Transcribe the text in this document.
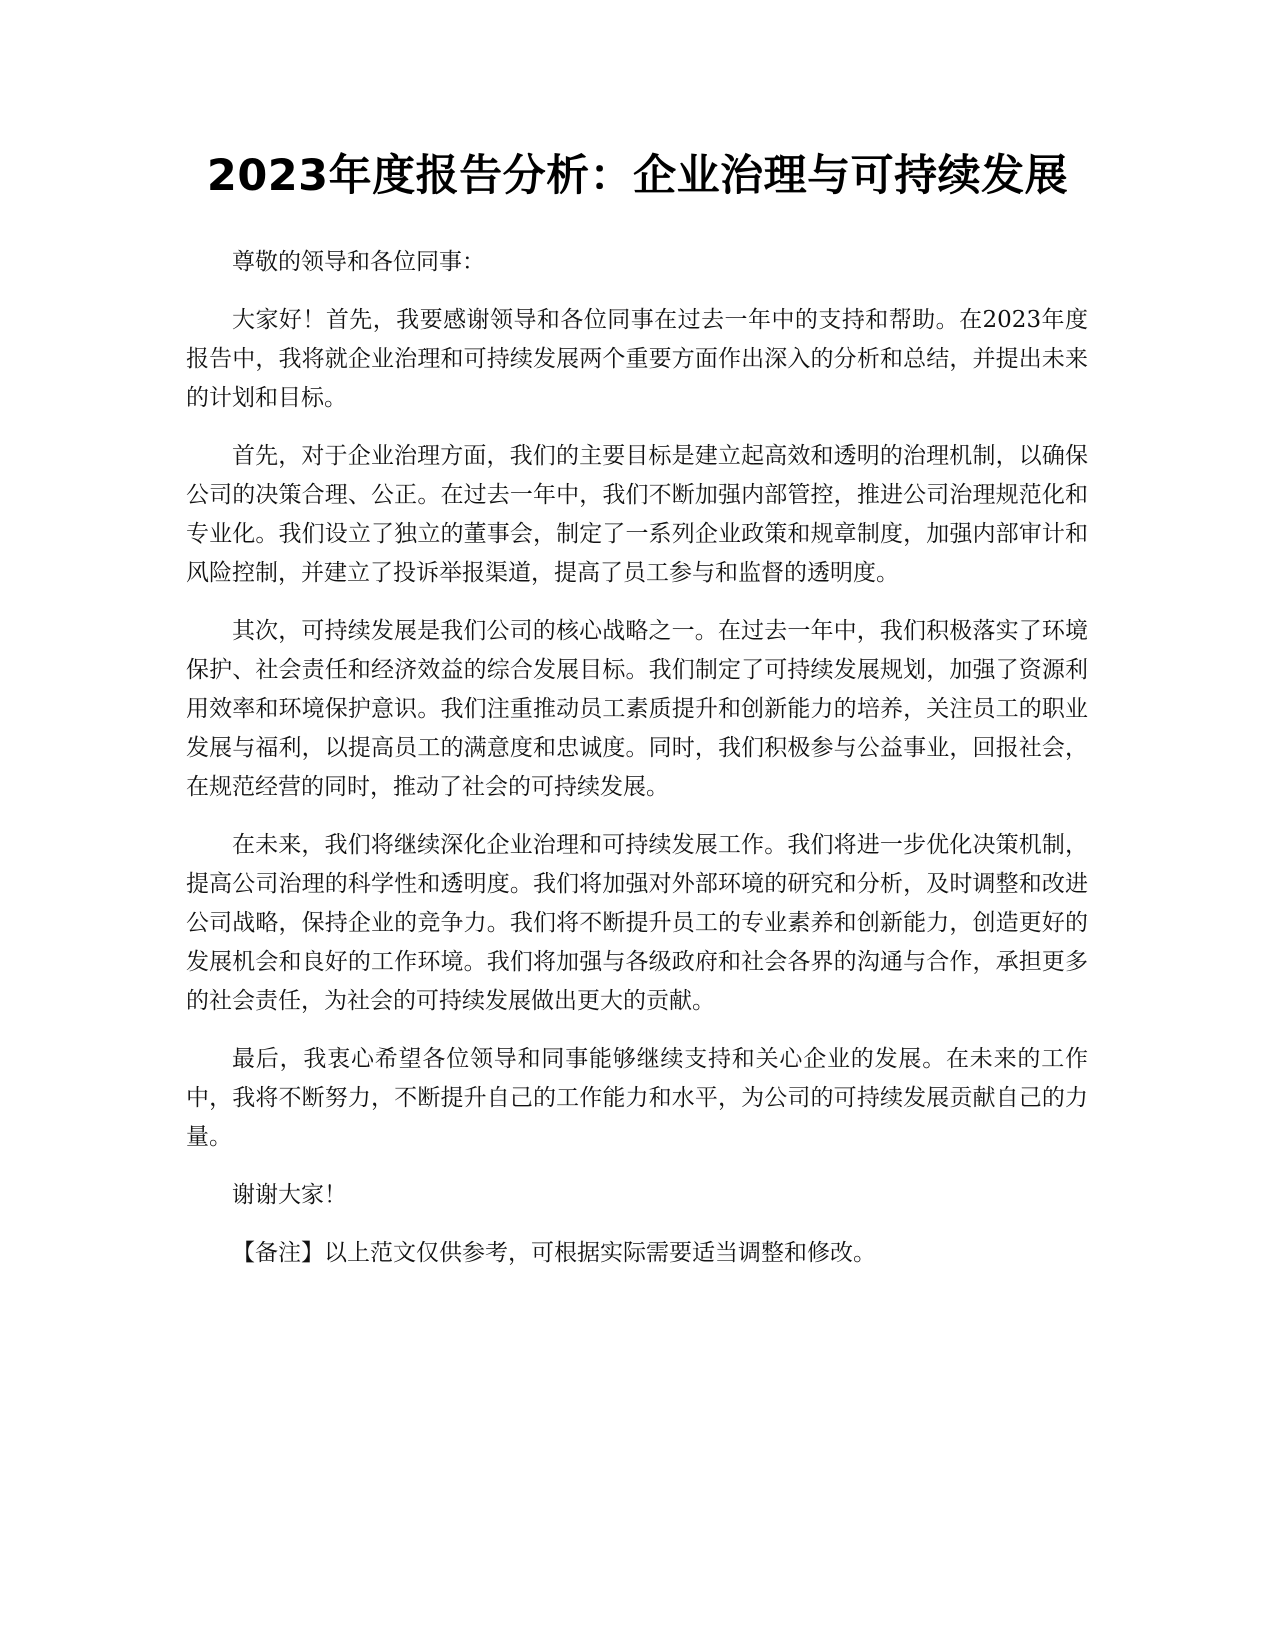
2023年度报告分析：企业治理与可持续发展

尊敬的领导和各位同事：

大家好！首先，我要感谢领导和各位同事在过去一年中的支持和帮助。在2023年度报告中，我将就企业治理和可持续发展两个重要方面作出深入的分析和总结，并提出未来的计划和目标。

首先，对于企业治理方面，我们的主要目标是建立起高效和透明的治理机制，以确保公司的决策合理、公正。在过去一年中，我们不断加强内部管控，推进公司治理规范化和专业化。我们设立了独立的董事会，制定了一系列企业政策和规章制度，加强内部审计和风险控制，并建立了投诉举报渠道，提高了员工参与和监督的透明度。

其次，可持续发展是我们公司的核心战略之一。在过去一年中，我们积极落实了环境保护、社会责任和经济效益的综合发展目标。我们制定了可持续发展规划，加强了资源利用效率和环境保护意识。我们注重推动员工素质提升和创新能力的培养，关注员工的职业发展与福利，以提高员工的满意度和忠诚度。同时，我们积极参与公益事业，回报社会，在规范经营的同时，推动了社会的可持续发展。

在未来，我们将继续深化企业治理和可持续发展工作。我们将进一步优化决策机制，提高公司治理的科学性和透明度。我们将加强对外部环境的研究和分析，及时调整和改进公司战略，保持企业的竞争力。我们将不断提升员工的专业素养和创新能力，创造更好的发展机会和良好的工作环境。我们将加强与各级政府和社会各界的沟通与合作，承担更多的社会责任，为社会的可持续发展做出更大的贡献。

最后，我衷心希望各位领导和同事能够继续支持和关心企业的发展。在未来的工作中，我将不断努力，不断提升自己的工作能力和水平，为公司的可持续发展贡献自己的力量。

谢谢大家！

【备注】以上范文仅供参考，可根据实际需要适当调整和修改。
